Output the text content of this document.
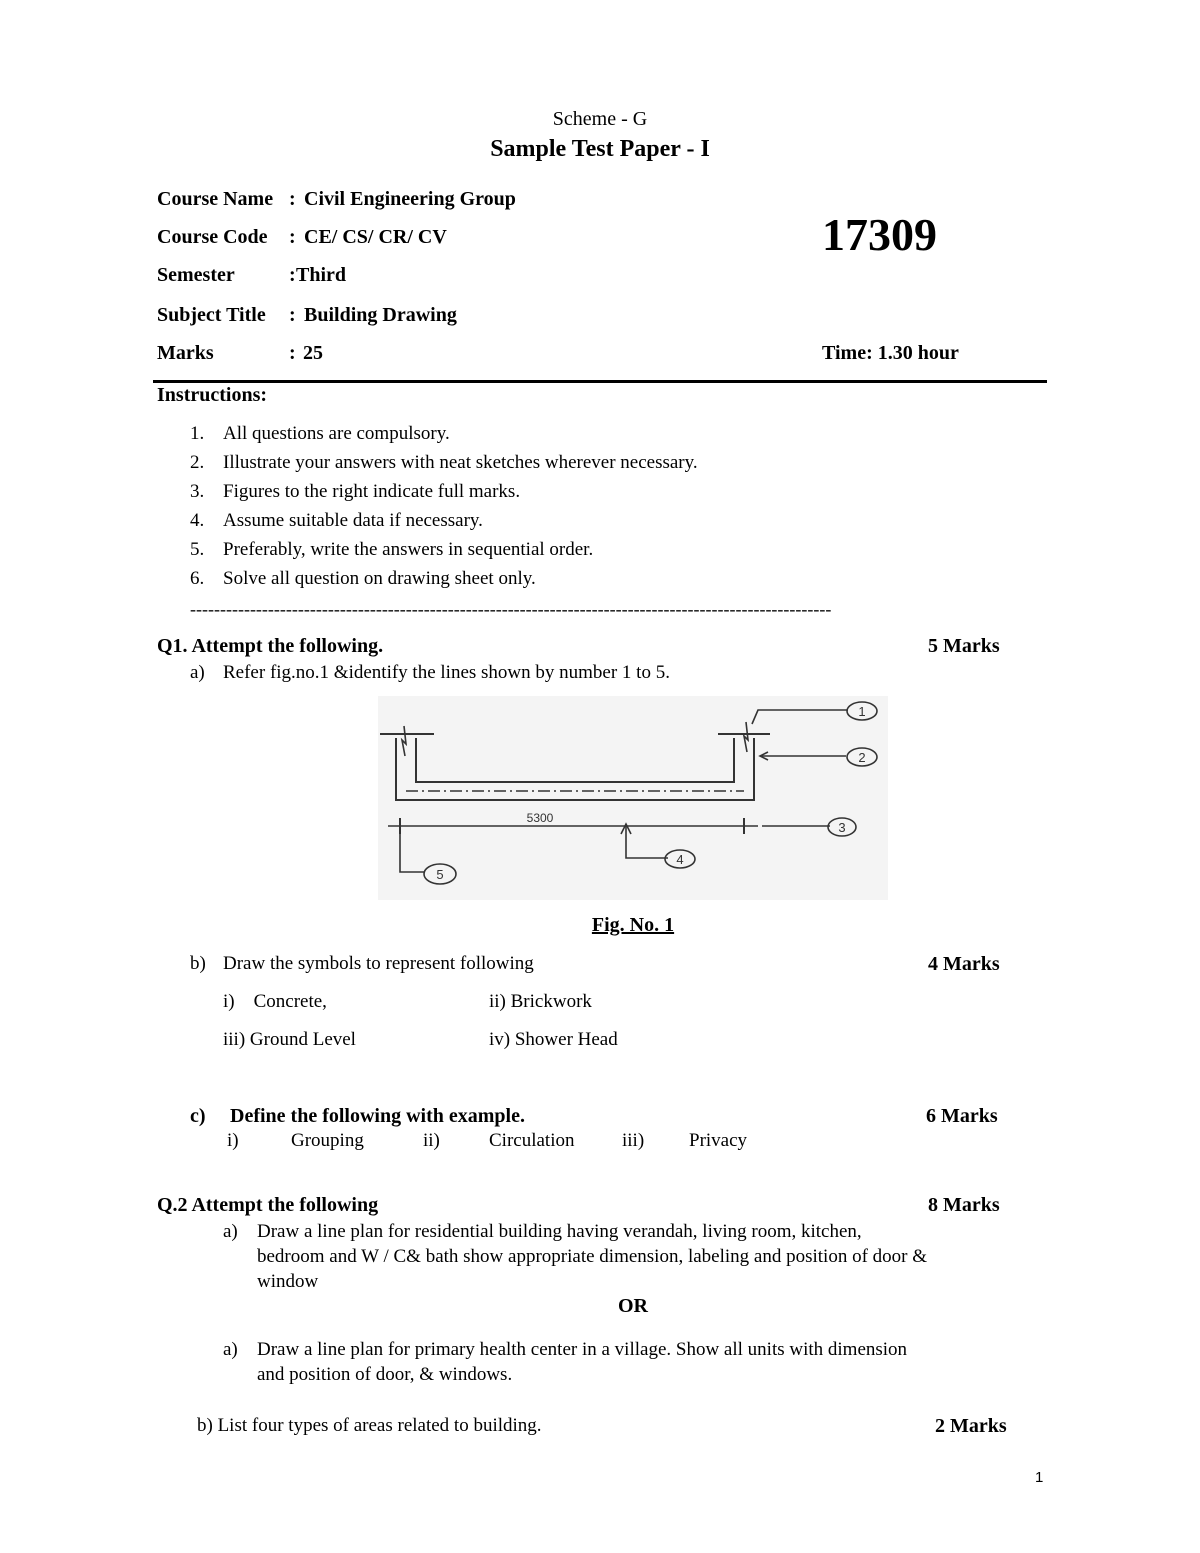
Scheme - G
Sample Test Paper - I
17309
Course Name : Civil Engineering Group
Course Code : CE/ CS/ CR/ CV
Semester	: Third
Subject Title : Building Drawing
Marks	: 25	Time: 1.30 hour
Instructions:
1. All questions are compulsory.
2. Illustrate your answers with neat sketches wherever necessary.
3. Figures to the right indicate full marks.
4. Assume suitable data if necessary.
5. Preferably, write the answers in sequential order.
6. Solve all question on drawing sheet only.
-----------------------------------------------------------------------------------------------------------
Q1. Attempt the following.	5 Marks
a) Refer fig.no.1 &identify the lines shown by number 1 to 5.
1
2
3
4
5
5300
Fig. No. 1
b) Draw the symbols to represent following	4 Marks
i)    Concrete,	ii) Brickwork
iii) Ground Level	iv) Shower Head
c) Define the following with example.	6 Marks
i)	Grouping	ii)	Circulation	iii) Privacy
Q.2 Attempt the following	8 Marks
a) Draw a line plan for residential building having verandah, living room, kitchen,
bedroom and W / C& bath show appropriate dimension, labeling and position of door &
window
OR
a) Draw a line plan for primary health center in a village. Show all units with dimension
and position of door, & windows.
b) List four types of areas related to building.	2 Marks
1
